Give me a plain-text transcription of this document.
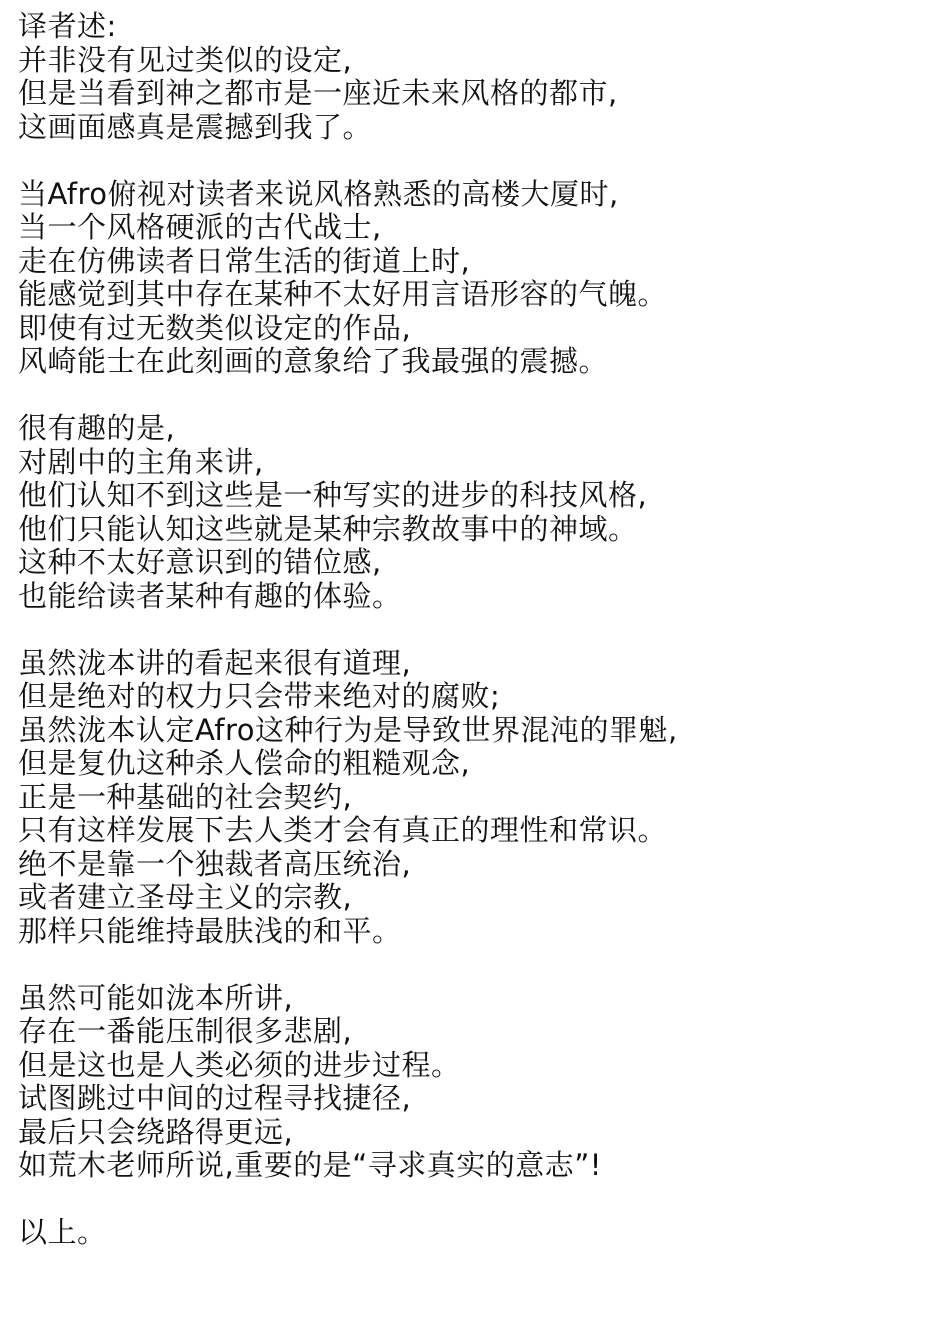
译者述:
并非没有见过类似的设定,
但是当看到神之都市是一座近未来风格的都市,
这画面感真是震撼到我了。
当Afro俯视对读者来说风格熟悉的高楼大厦时,
当一个风格硬派的古代战士,
走在仿佛读者日常生活的街道上时,
能感觉到其中存在某种不太好用言语形容的气魄。
即使有过无数类似设定的作品,
风崎能士在此刻画的意象给了我最强的震撼。
很有趣的是,
对剧中的主角来讲,
他们认知不到这些是一种写实的进步的科技风格,
他们只能认知这些就是某种宗教故事中的神域。
这种不太好意识到的错位感,
也能给读者某种有趣的体验。
虽然泷本讲的看起来很有道理,
但是绝对的权力只会带来绝对的腐败;
虽然泷本认定Afro这种行为是导致世界混沌的罪魁,
但是复仇这种杀人偿命的粗糙观念,
正是一种基础的社会契约,
只有这样发展下去人类才会有真正的理性和常识。
绝不是靠一个独裁者高压统治,
或者建立圣母主义的宗教,
那样只能维持最肤浅的和平。
虽然可能如泷本所讲,
存在一番能压制很多悲剧,
但是这也是人类必须的进步过程。
试图跳过中间的过程寻找捷径,
最后只会绕路得更远,
如荒木老师所说,重要的是“寻求真实的意志”!
以上。
